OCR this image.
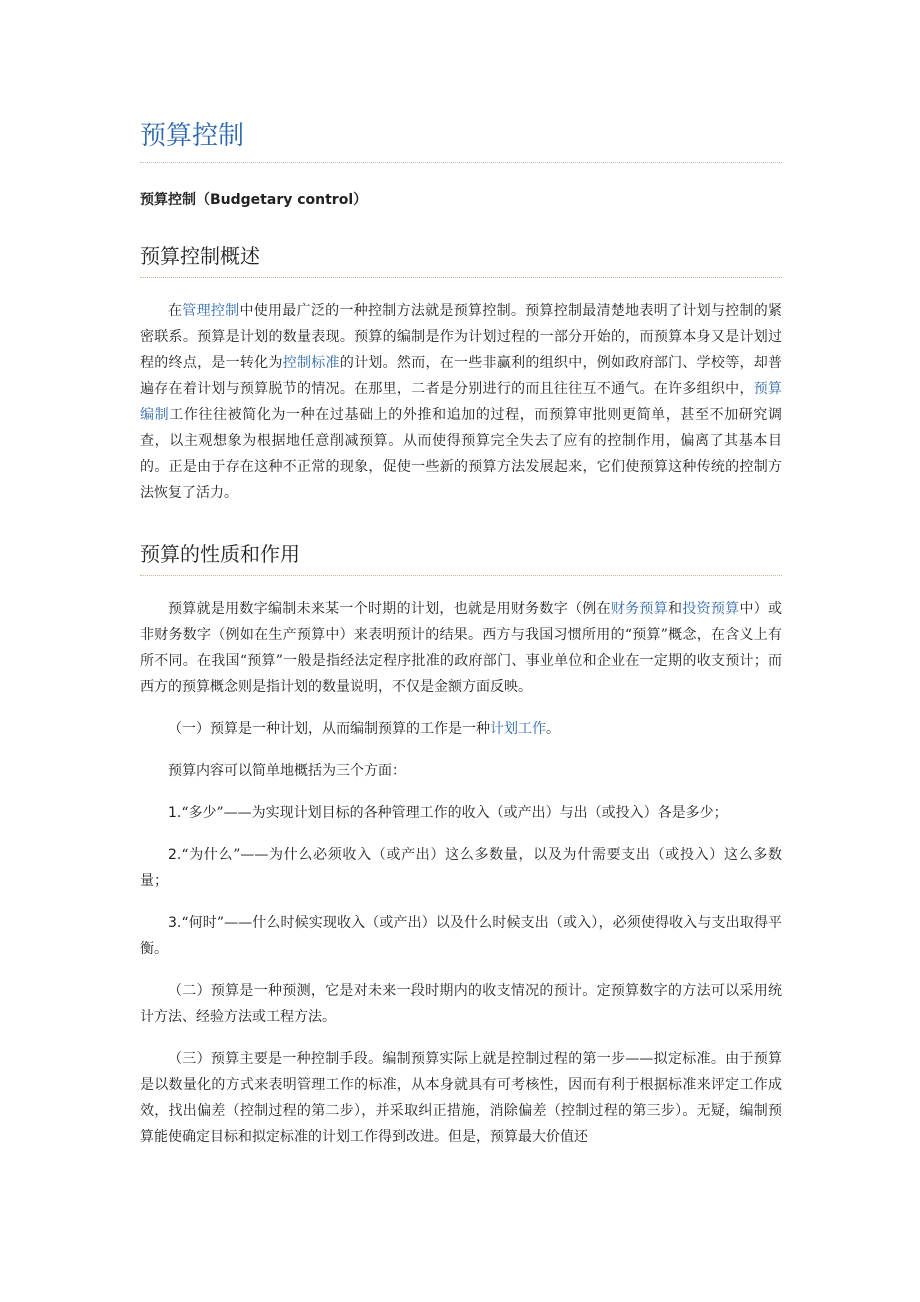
预算控制
预算控制（Budgetary control）
预算控制概述

在管理控制中使用最广泛的一种控制方法就是预算控制。预算控制最清楚地表明了计划与控制的紧密联系。预算是计划的数量表现。预算的编制是作为计划过程的一部分开始的，而预算本身又是计划过程的终点，是一转化为控制标准的计划。然而，在一些非赢利的组织中，例如政府部门、学校等，却普遍存在着计划与预算脱节的情况。在那里，二者是分别进行的而且往往互不通气。在许多组织中，预算编制工作往往被简化为一种在过基础上的外推和追加的过程，而预算审批则更简单，甚至不加研究调查，以主观想象为根据地任意削减预算。从而使得预算完全失去了应有的控制作用，偏离了其基本目的。正是由于存在这种不正常的现象，促使一些新的预算方法发展起来，它们使预算这种传统的控制方法恢复了活力。

预算的性质和作用

预算就是用数字编制未来某一个时期的计划，也就是用财务数字（例在财务预算和投资预算中）或非财务数字（例如在生产预算中）来表明预计的结果。西方与我国习惯所用的“预算”概念，在含义上有所不同。在我国“预算”一般是指经法定程序批准的政府部门、事业单位和企业在一定期的收支预计；而西方的预算概念则是指计划的数量说明，不仅是金额方面反映。

（一）预算是一种计划，从而编制预算的工作是一种计划工作。

预算内容可以简单地概括为三个方面：

1.“多少”——为实现计划目标的各种管理工作的收入（或产出）与出（或投入）各是多少；

2.“为什么”——为什么必须收入（或产出）这么多数量，以及为什需要支出（或投入）这么多数量；

3.“何时”——什么时候实现收入（或产出）以及什么时候支出（或入），必须使得收入与支出取得平衡。

（二）预算是一种预测，它是对未来一段时期内的收支情况的预计。定预算数字的方法可以采用统计方法、经验方法或工程方法。

（三）预算主要是一种控制手段。编制预算实际上就是控制过程的第一步——拟定标准。由于预算是以数量化的方式来表明管理工作的标准，从本身就具有可考核性，因而有利于根据标准来评定工作成效，找出偏差（控制过程的第二步），并采取纠正措施，消除偏差（控制过程的第三步）。无疑，编制预算能使确定目标和拟定标准的计划工作得到改进。但是，预算最大价值还
